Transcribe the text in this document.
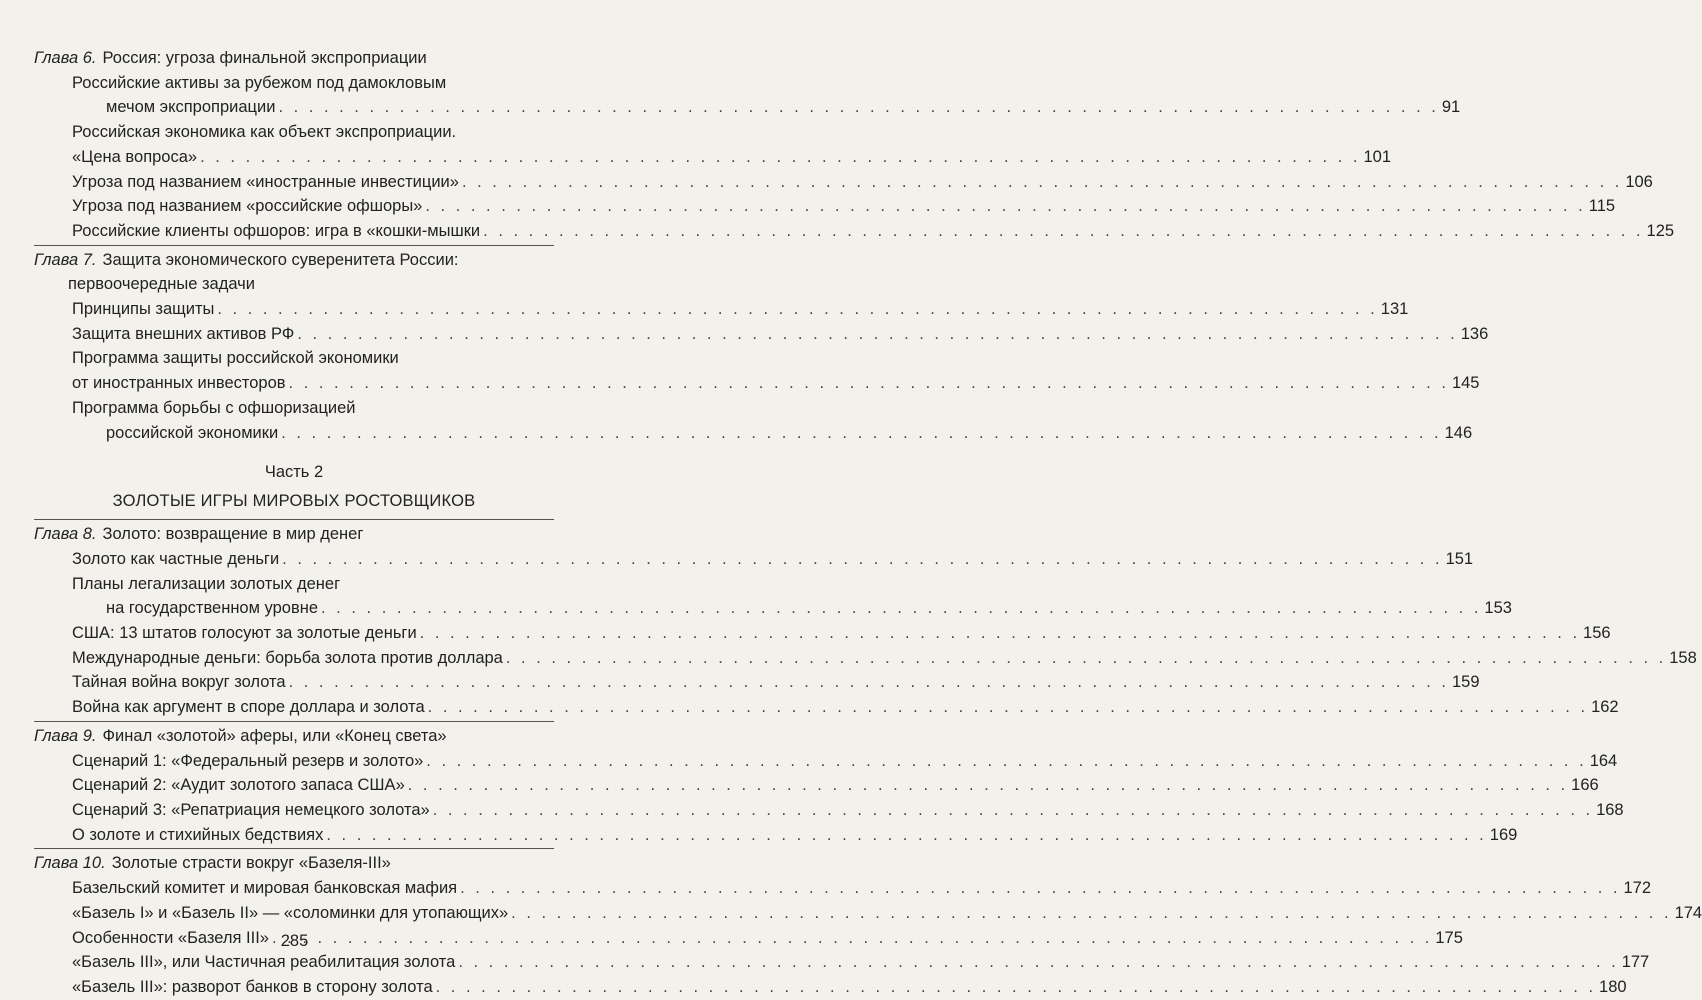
Глава 6. Россия: угроза финальной экспроприации
Российские активы за рубежом под дамокловым
мечом экспроприации . . .	91
Российская экономика как объект экспроприации.
«Цена вопроса» . . .	101
Угроза под названием «иностранные инвестиции» . . .	106
Угроза под названием «российские офшоры» . . .	115
Российские клиенты офшоров: игра в «кошки-мышки . . .	125
Глава 7. Защита экономического суверенитета России:
первоочередные задачи
Принципы защиты . . .	131
Защита внешних активов РФ . . .	136
Программа защиты российской экономики
от иностранных инвесторов . . .	145
Программа борьбы с офшоризацией
российской экономики . . .	146
Часть 2
ЗОЛОТЫЕ ИГРЫ МИРОВЫХ РОСТОВЩИКОВ
Глава 8. Золото: возвращение в мир денег
Золото как частные деньги . . .	151
Планы легализации золотых денег
на государственном уровне . . .	153
США: 13 штатов голосуют за золотые деньги . . .	156
Международные деньги: борьба золота против доллара . . .	158
Тайная война вокруг золота . . .	159
Война как аргумент в споре доллара и золота . . .	162
Глава 9. Финал «золотой» аферы, или «Конец света»
Сценарий 1: «Федеральный резерв и золото» . . .	164
Сценарий 2: «Аудит золотого запаса США» . . .	166
Сценарий 3: «Репатриация немецкого золота» . . .	168
О золоте и стихийных бедствиях . . .	169
Глава 10. Золотые страсти вокруг «Базеля-III»
Базельский комитет и мировая банковская мафия . . .	172
«Базель I» и «Базель II» — «соломинки для утопающих» . . .	174
Особенности «Базеля III» . . .	175
«Базель III», или Частичная реабилитация золота . . .	177
«Базель III»: разворот банков в сторону золота . . .	180
285
